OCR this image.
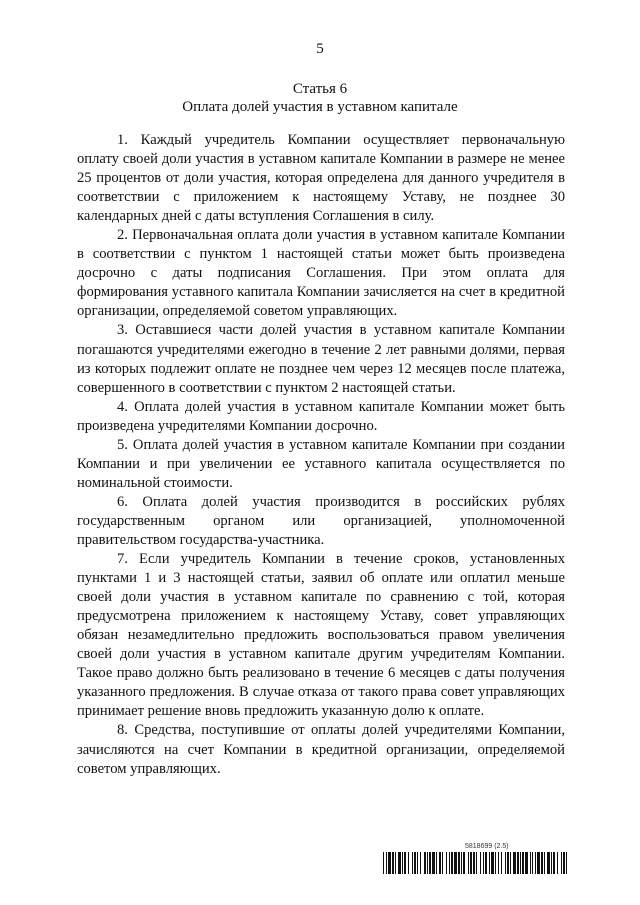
5
Статья 6
Оплата долей участия в уставном капитале

1. Каждый учредитель Компании осуществляет первоначальную оплату своей доли участия в уставном капитале Компании в размере не менее 25 процентов от доли участия, которая определена для данного учредителя в соответствии с приложением к настоящему Уставу, не позднее 30 календарных дней с даты вступления Соглашения в силу.

2. Первоначальная оплата доли участия в уставном капитале Компании в соответствии с пунктом 1 настоящей статьи может быть произведена досрочно с даты подписания Соглашения. При этом оплата для формирования уставного капитала Компании зачисляется на счет в кредитной организации, определяемой советом управляющих.

3. Оставшиеся части долей участия в уставном капитале Компании погашаются учредителями ежегодно в течение 2 лет равными долями, первая из которых подлежит оплате не позднее чем через 12 месяцев после платежа, совершенного в соответствии с пунктом 2 настоящей статьи.

4. Оплата долей участия в уставном капитале Компании может быть произведена учредителями Компании досрочно.

5. Оплата долей участия в уставном капитале Компании при создании Компании и при увеличении ее уставного капитала осуществляется по номинальной стоимости.

6. Оплата долей участия производится в российских рублях государственным органом или организацией, уполномоченной правительством государства-участника.

7. Если учредитель Компании в течение сроков, установленных пунктами 1 и 3 настоящей статьи, заявил об оплате или оплатил меньше своей доли участия в уставном капитале по сравнению с той, которая предусмотрена приложением к настоящему Уставу, совет управляющих обязан незамедлительно предложить воспользоваться правом увеличения своей доли участия в уставном капитале другим учредителям Компании. Такое право должно быть реализовано в течение 6 месяцев с даты получения указанного предложения. В случае отказа от такого права совет управляющих принимает решение вновь предложить указанную долю к оплате.

8. Средства, поступившие от оплаты долей учредителями Компании, зачисляются на счет Компании в кредитной организации, определяемой советом управляющих.

5818699 (2.5)
